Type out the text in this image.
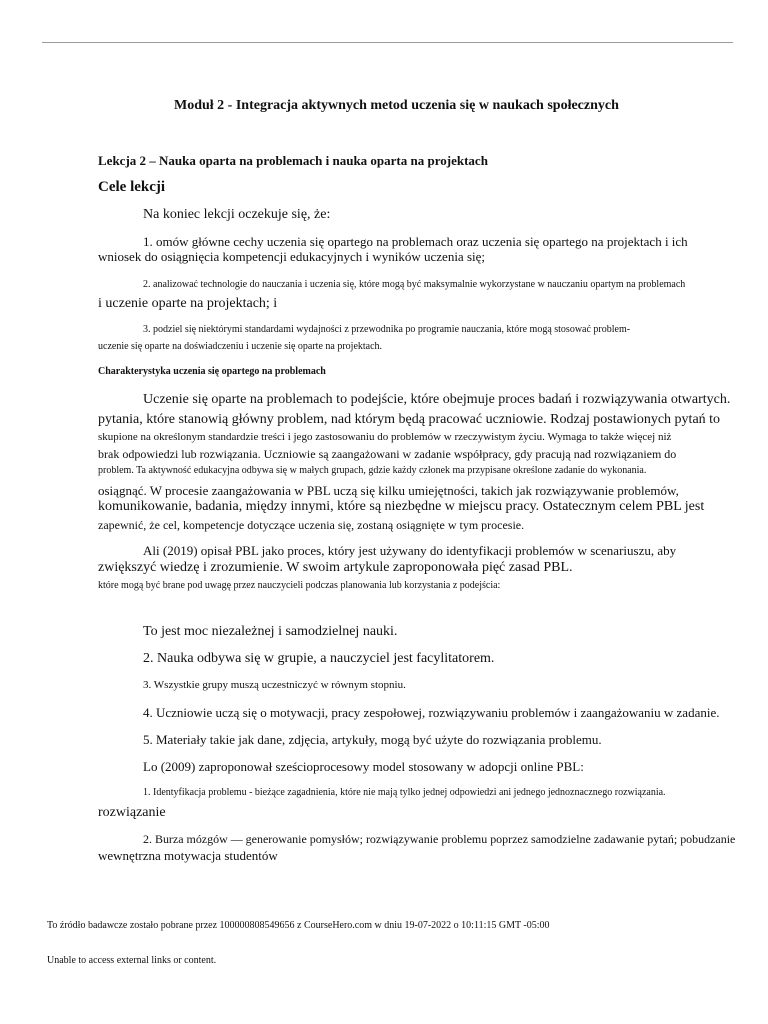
Moduł 2 - Integracja aktywnych metod uczenia się w naukach społecznych
Lekcja 2 – Nauka oparta na problemach i nauka oparta na projektach
Cele lekcji
Na koniec lekcji oczekuje się, że:
1. omów główne cechy uczenia się opartego na problemach oraz uczenia się opartego na projektach i ich
wniosek do osiągnięcia kompetencji edukacyjnych i wyników uczenia się;
2. analizować technologie do nauczania i uczenia się, które mogą być maksymalnie wykorzystane w nauczaniu opartym na problemach
i uczenie oparte na projektach; i
3. podziel się niektórymi standardami wydajności z przewodnika po programie nauczania, które mogą stosować problem-
uczenie się oparte na doświadczeniu i uczenie się oparte na projektach.
Charakterystyka uczenia się opartego na problemach
Uczenie się oparte na problemach to podejście, które obejmuje proces badań i rozwiązywania otwartych.
pytania, które stanowią główny problem, nad którym będą pracować uczniowie. Rodzaj postawionych pytań to
skupione na określonym standardzie treści i jego zastosowaniu do problemów w rzeczywistym życiu. Wymaga to także więcej niż
brak odpowiedzi lub rozwiązania. Uczniowie są zaangażowani w zadanie współpracy, gdy pracują nad rozwiązaniem do
problem. Ta aktywność edukacyjna odbywa się w małych grupach, gdzie każdy członek ma przypisane określone zadanie do wykonania.
osiągnąć. W procesie zaangażowania w PBL uczą się kilku umiejętności, takich jak rozwiązywanie problemów,
komunikowanie, badania, między innymi, które są niezbędne w miejscu pracy. Ostatecznym celem PBL jest
zapewnić, że cel, kompetencje dotyczące uczenia się, zostaną osiągnięte w tym procesie.
Ali (2019) opisał PBL jako proces, który jest używany do identyfikacji problemów w scenariuszu, aby
zwiększyć wiedzę i zrozumienie. W swoim artykule zaproponowała pięć zasad PBL.
które mogą być brane pod uwagę przez nauczycieli podczas planowania lub korzystania z podejścia:
To jest moc niezależnej i samodzielnej nauki.
2. Nauka odbywa się w grupie, a nauczyciel jest facylitatorem.
3. Wszystkie grupy muszą uczestniczyć w równym stopniu.
4. Uczniowie uczą się o motywacji, pracy zespołowej, rozwiązywaniu problemów i zaangażowaniu w zadanie.
5. Materiały takie jak dane, zdjęcia, artykuły, mogą być użyte do rozwiązania problemu.
Lo (2009) zaproponował sześcioprocesowy model stosowany w adopcji online PBL:
1. Identyfikacja problemu - bieżące zagadnienia, które nie mają tylko jednej odpowiedzi ani jednego jednoznacznego rozwiązania.
rozwiązanie
2. Burza mózgów — generowanie pomysłów; rozwiązywanie problemu poprzez samodzielne zadawanie pytań; pobudzanie
wewnętrzna motywacja studentów
To źródło badawcze zostało pobrane przez 100000808549656 z CourseHero.com w dniu 19-07-2022 o 10:11:15 GMT -05:00
Unable to access external links or content.
